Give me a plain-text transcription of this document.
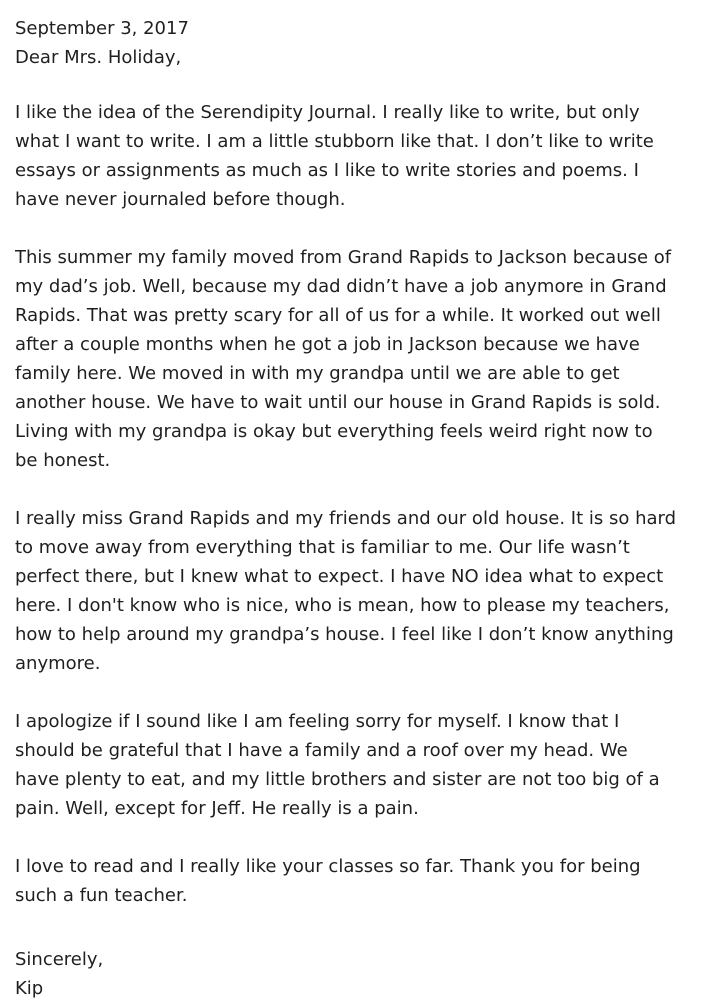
September 3, 2017

Dear Mrs. Holiday,

I like the idea of the Serendipity Journal. I really like to write, but only what I want to write. I am a little stubborn like that. I don’t like to write essays or assignments as much as I like to write stories and poems. I have never journaled before though.

This summer my family moved from Grand Rapids to Jackson because of my dad’s job. Well, because my dad didn’t have a job anymore in Grand Rapids. That was pretty scary for all of us for a while. It worked out well after a couple months when he got a job in Jackson because we have family here. We moved in with my grandpa until we are able to get another house. We have to wait until our house in Grand Rapids is sold. Living with my grandpa is okay but everything feels weird right now to be honest.

I really miss Grand Rapids and my friends and our old house. It is so hard to move away from everything that is familiar to me. Our life wasn’t perfect there, but I knew what to expect. I have NO idea what to expect here. I don't know who is nice, who is mean, how to please my teachers, how to help around my grandpa’s house. I feel like I don’t know anything anymore.

I apologize if I sound like I am feeling sorry for myself. I know that I should be grateful that I have a family and a roof over my head. We have plenty to eat, and my little brothers and sister are not too big of a pain. Well, except for Jeff. He really is a pain.

I love to read and I really like your classes so far. Thank you for being such a fun teacher.

Sincerely,

Kip
